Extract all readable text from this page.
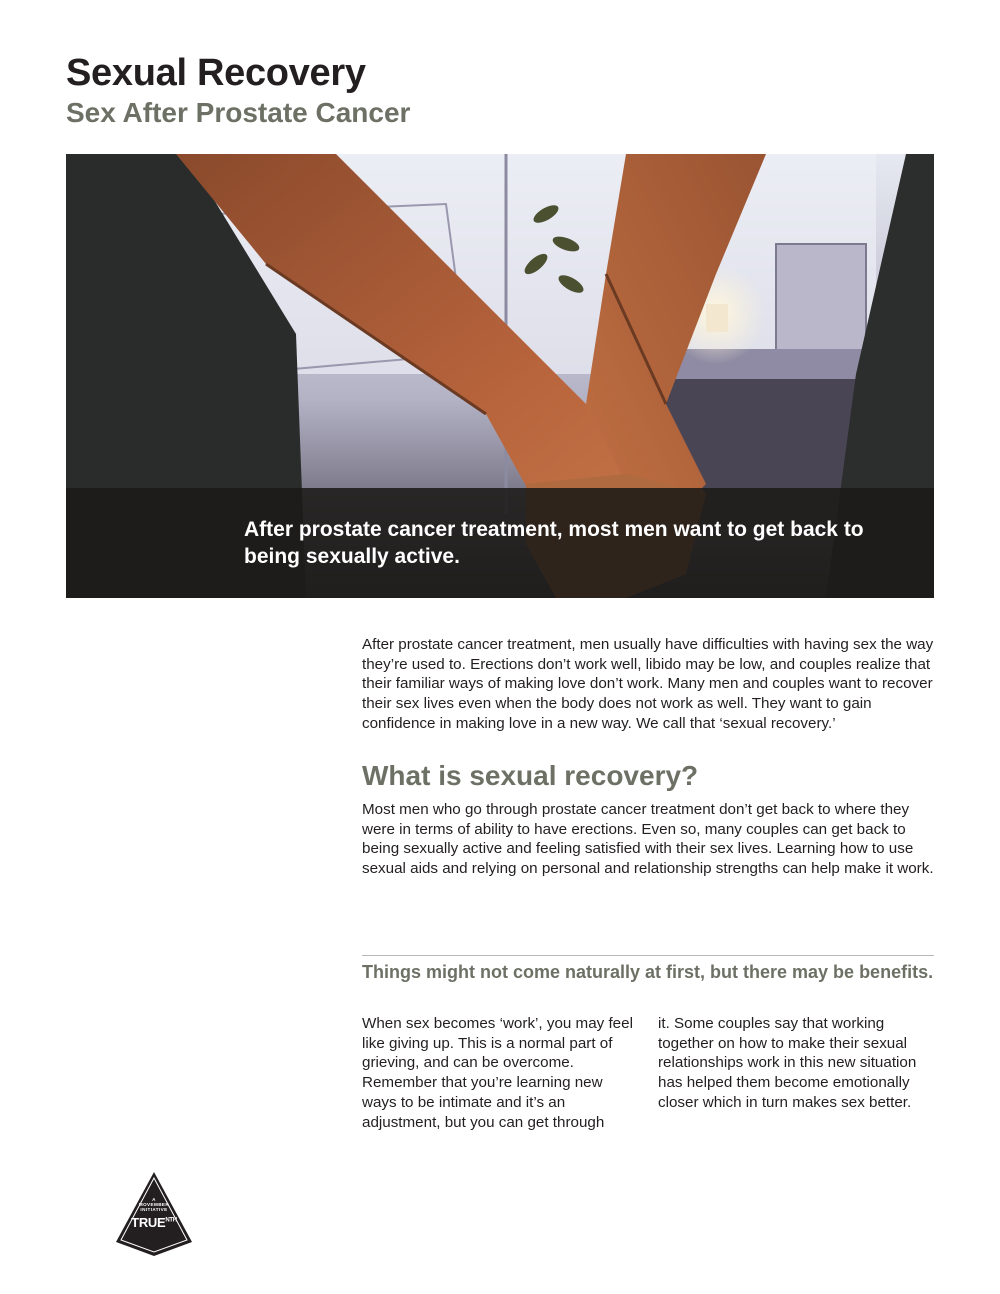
Sexual Recovery
Sex After Prostate Cancer

After prostate cancer treatment, most men want to get back to being sexually active.

After prostate cancer treatment, men usually have difficulties with having sex the way they’re used to. Erections don’t work well, libido may be low, and couples realize that their familiar ways of making love don’t work. Many men and couples want to recover their sex lives even when the body does not work as well. They want to gain confidence in making love in a new way. We call that ‘sexual recovery.’

What is sexual recovery?

Most men who go through prostate cancer treatment don’t get back to where they were in terms of ability to have erections. Even so, many couples can get back to being sexually active and feeling satisfied with their sex lives. Learning how to use sexual aids and relying on personal and relationship strengths can help make it work.

Things might not come naturally at first, but there may be benefits.

When sex becomes ‘work’, you may feel like giving up. This is a normal part of grieving, and can be overcome. Remember that you’re learning new ways to be intimate and it’s an adjustment, but you can get through

it. Some couples say that working together on how to make their sexual relationships work in this new situation has helped them become emotionally closer which in turn makes sex better.

A
MOVEMBER
INITIATIVE
$TRUE^{NTH}$
